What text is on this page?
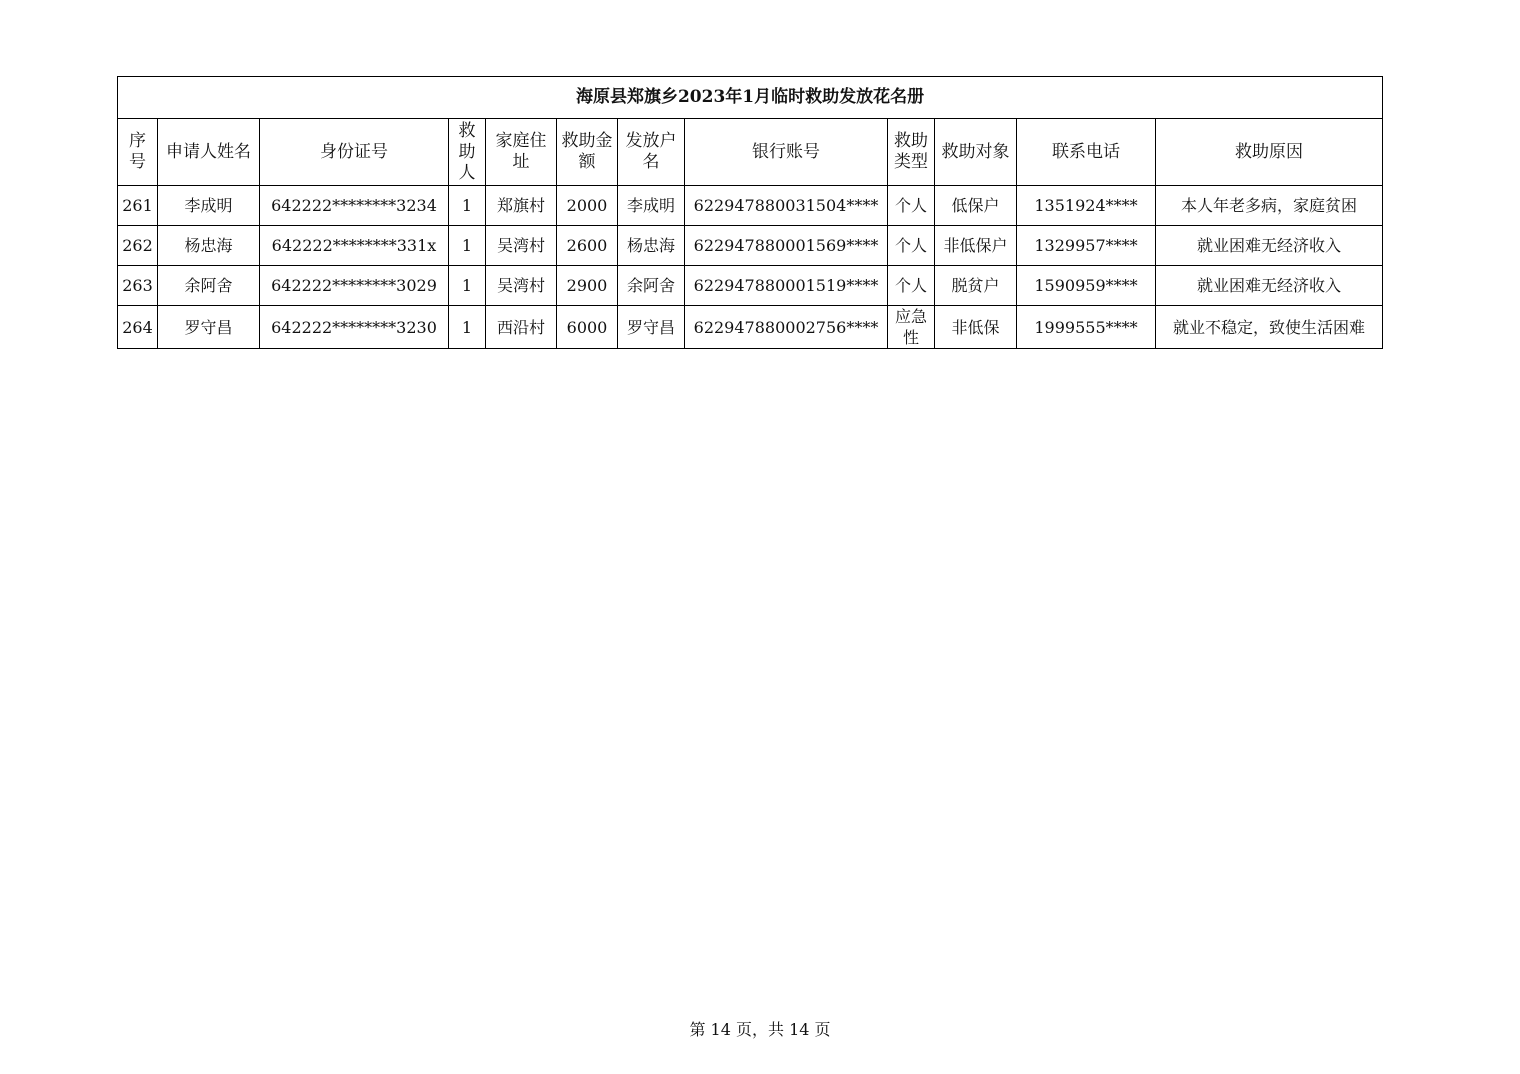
海原县郑旗乡2023年1月临时救助发放花名册											
序号	申请人姓名	身份证号	救助人	家庭住址	救助金额	发放户名	银行账号	救助类型	救助对象	联系电话	救助原因
261	李成明	642222********3234	1	郑旗村	2000	李成明	622947880031504****	个人	低保户	1351924****	本人年老多病，家庭贫困
262	杨忠海	642222********331x	1	吴湾村	2600	杨忠海	622947880001569****	个人	非低保户	1329957****	就业困难无经济收入
263	余阿舍	642222********3029	1	吴湾村	2900	余阿舍	622947880001519****	个人	脱贫户	1590959****	就业困难无经济收入
264	罗守昌	642222********3230	1	西沿村	6000	罗守昌	622947880002756****	应急性	非低保	1999555****	就业不稳定，致使生活困难
第 14 页，共 14 页
